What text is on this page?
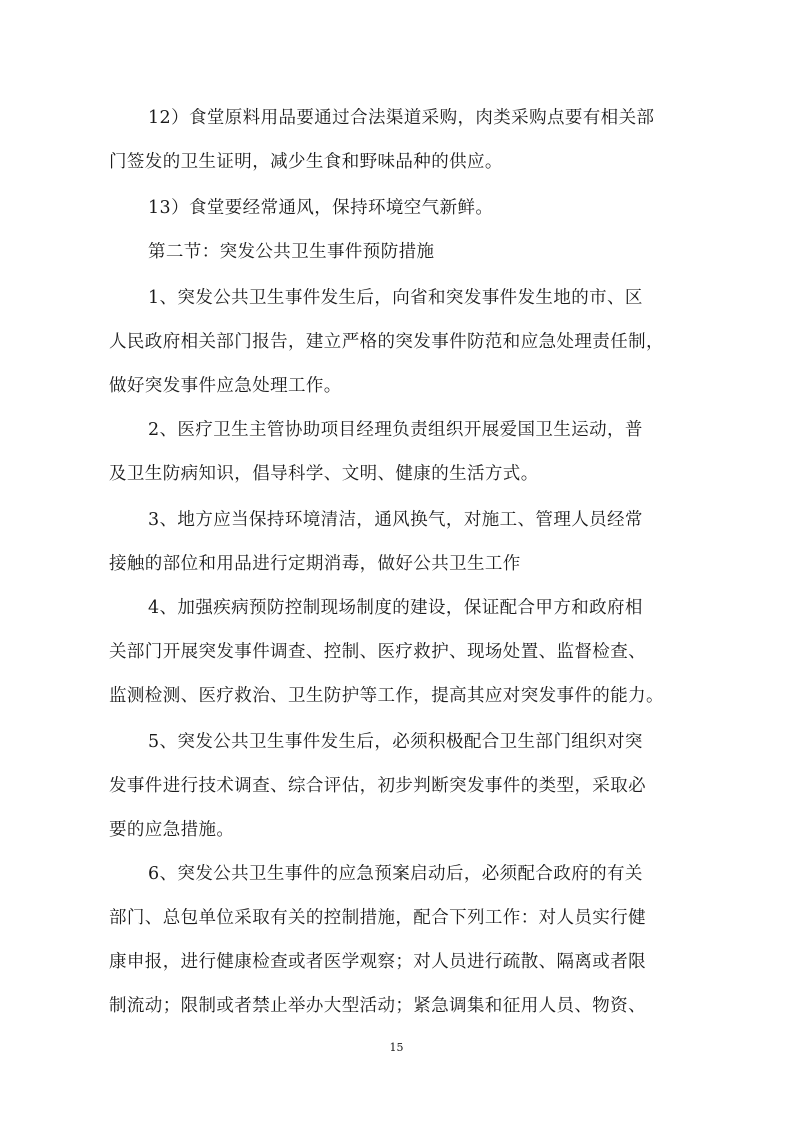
12）食堂原料用品要通过合法渠道采购，肉类采购点要有相关部
门签发的卫生证明，减少生食和野味品种的供应。
13）食堂要经常通风，保持环境空气新鲜。
第二节：突发公共卫生事件预防措施
1、突发公共卫生事件发生后，向省和突发事件发生地的市、区
人民政府相关部门报告，建立严格的突发事件防范和应急处理责任制，
做好突发事件应急处理工作。
2、医疗卫生主管协助项目经理负责组织开展爱国卫生运动，普
及卫生防病知识，倡导科学、文明、健康的生活方式。
3、地方应当保持环境清洁，通风换气，对施工、管理人员经常
接触的部位和用品进行定期消毒，做好公共卫生工作
4、加强疾病预防控制现场制度的建设，保证配合甲方和政府相
关部门开展突发事件调查、控制、医疗救护、现场处置、监督检查、
监测检测、医疗救治、卫生防护等工作，提高其应对突发事件的能力。
5、突发公共卫生事件发生后，必须积极配合卫生部门组织对突
发事件进行技术调查、综合评估，初步判断突发事件的类型，采取必
要的应急措施。
6、突发公共卫生事件的应急预案启动后，必须配合政府的有关
部门、总包单位采取有关的控制措施，配合下列工作：对人员实行健
康申报，进行健康检查或者医学观察；对人员进行疏散、隔离或者限
制流动；限制或者禁止举办大型活动；紧急调集和征用人员、物资、
15
